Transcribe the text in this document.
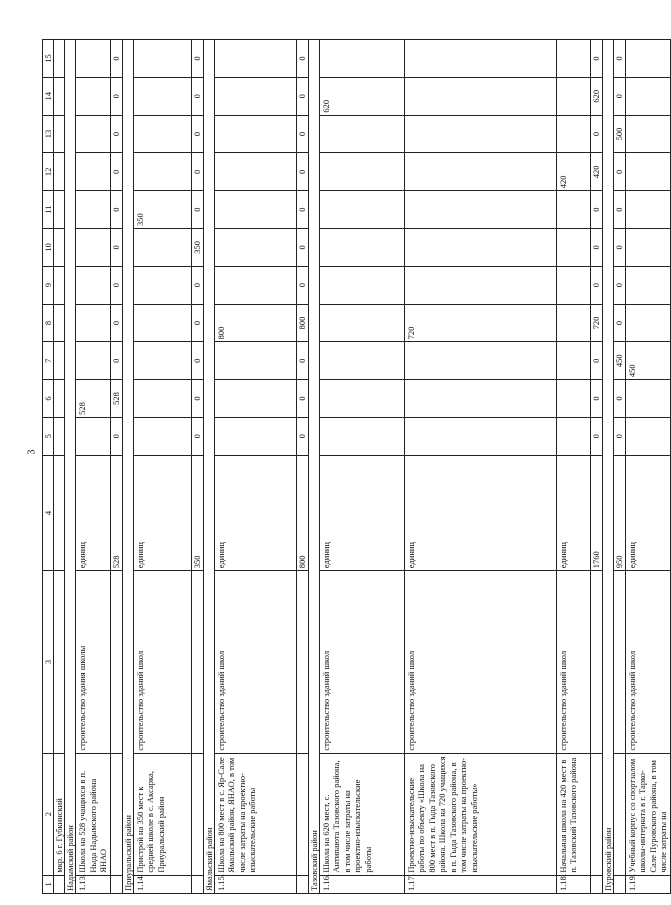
3
1	2	3	4	5	6	7	8	9	10	11	12	13	14	15
	мкр. 6 г. Губкинский													
Надымский район														
1.13.	Школа на 528 учащихся в п. Ныда Надымского района ЯНАО	строительство здания школы	единиц		528									

			528	0	528	0	0	0	0	0	0	0	0	0
Приуральский район														
1.14.	Пристрой на 350 мест к средней школе в с. Аксарка, Приуральский район	строительство зданий школ	единиц							350				

			350	0	0	0	0	0	350	0	0	0	0	0
Ямальский район														
1.15.	Школа на 800 мест в с. Яр-Сале Ямальский район, ЯНАО, в том числе затраты на проектно-изыскательские работы	строительство зданий школ	единиц				800							

			800	0	0	0	800	0	0	0	0	0	0	0
Тазовский район														
1.16.	Школа на 620 мест, с. Антипаюта Тазовского района, в том числе затраты на проектно-изыскательские работы	строительство зданий школ	единиц										620	

1.17.	Проектно-изыскательские работы по объекту «Школа на 800 мест в п. Гыда Тазовского района. Школа на 720 учащихся в п. Гыда Тазовского района, в том числе затраты на проектно-изыскательские работы»	строительство зданий школ	единиц				720							

1.18.	Начальная школа на 420 мест в п. Тазовский Тазовского района	строительство зданий школ	единиц								420			

			1760	0	0	0	720	0	0	0	420	0	620	0
Пуровский район														
			950	0	0	450	0	0	0	0	0	500	0	0
1.19.	Учебный корпус со спортзалом школы-интерната в г. Тарко-Сале Пуровского района, в том числе затраты на	строительство зданий школ	единиц			450								
